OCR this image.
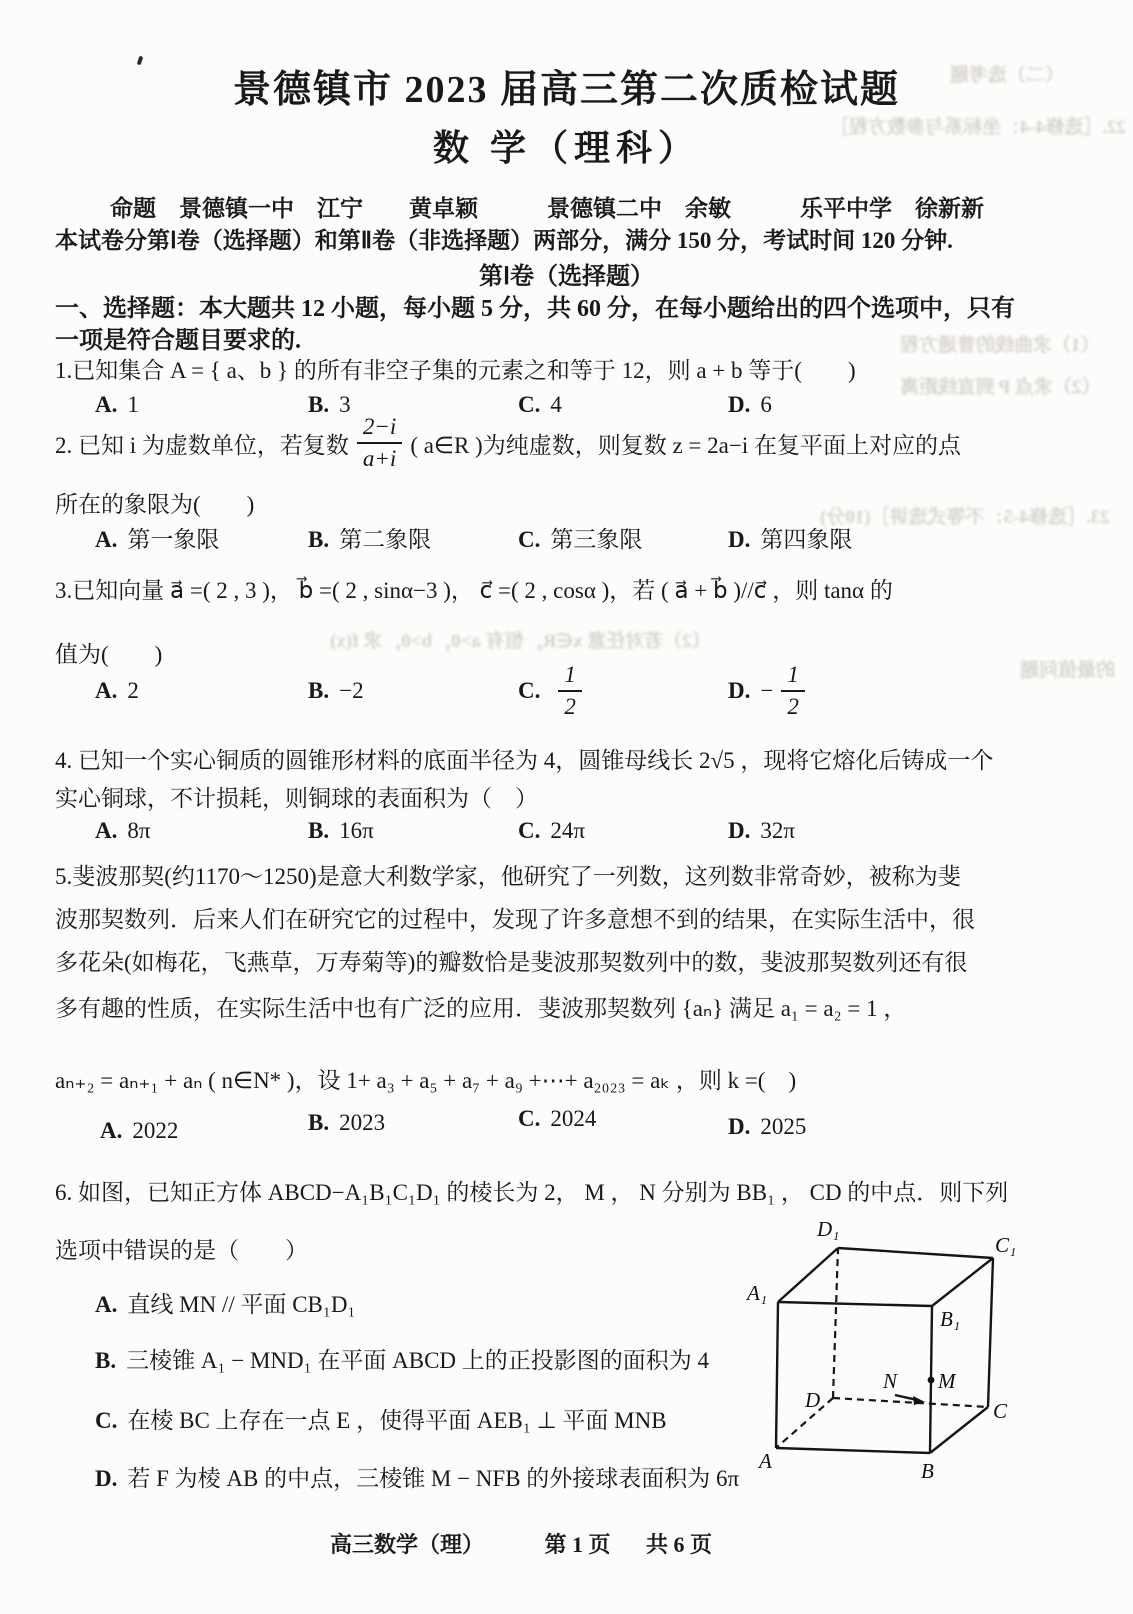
景德镇市 2023 届高三第二次质检试题
数 学（理科）
命题　景德镇一中　江宁　　黄卓颖　　　景德镇二中　余敏　　　乐平中学　徐新新
本试卷分第Ⅰ卷（选择题）和第Ⅱ卷（非选择题）两部分，满分 150 分，考试时间 120 分钟.
第Ⅰ卷（选择题）
一、选择题：本大题共 12 小题，每小题 5 分，共 60 分，在每小题给出的四个选项中，只有
一项是符合题目要求的.
1.已知集合 A = { a、b } 的所有非空子集的元素之和等于 12，则 a + b 等于(　　)
A. 1	B. 3	C. 4	D. 6
2. 已知 i 为虚数单位，若复数 $\frac{2-i}{a+i}$ ( a∈R )为纯虚数，则复数 z = 2a−i 在复平面上对应的点
所在的象限为(　　)
A. 第一象限	B. 第二象限	C. 第三象限	D. 第四象限
3.已知向量 a⃗ =( 2 , 3 )， b⃗ =( 2 , sinα−3 )， c⃗ =( 2 , cosα )，若 ( a⃗ + b⃗ )//c⃗ ，则 tanα 的
值为(　　)
A. 2	B. −2	C. $\frac{1}{2}$	D. − $\frac{1}{2}$
4. 已知一个实心铜质的圆锥形材料的底面半径为 4，圆锥母线长 2√5 ，现将它熔化后铸成一个
实心铜球，不计损耗，则铜球的表面积为（　）
A. 8π	B. 16π	C. 24π	D. 32π
5.斐波那契(约1170～1250)是意大利数学家，他研究了一列数，这列数非常奇妙，被称为斐
波那契数列．后来人们在研究它的过程中，发现了许多意想不到的结果，在实际生活中，很
多花朵(如梅花，飞燕草，万寿菊等)的瓣数恰是斐波那契数列中的数，斐波那契数列还有很
多有趣的性质，在实际生活中也有广泛的应用．斐波那契数列 {aₙ} 满足 a₁ = a₂ = 1 ，
aₙ₊₂ = aₙ₊₁ + aₙ ( n∈N* )，设 1+ a₃ + a₅ + a₇ + a₉ +⋯+ a₂₀₂₃ = aₖ ，则 k =(　)
A. 2022	B. 2023	C. 2024	D. 2025
6. 如图，已知正方体 ABCD−A₁B₁C₁D₁ 的棱长为 2， M ， N 分别为 BB₁ ， CD 的中点．则下列
选项中错误的是（　　）
A. 直线 MN // 平面 CB₁D₁
B. 三棱锥 A₁ − MND₁ 在平面 ABCD 上的正投影图的面积为 4
C. 在棱 BC 上存在一点 E ，使得平面 AEB₁ ⊥ 平面 MNB
D. 若 F 为棱 AB 的中点，三棱锥 M − NFB 的外接球表面积为 6π
D₁
C₁
A₁
B₁
D	C
A	B
M
N
高三数学（理）	第 1 页 共 6 页
（二）选考题
22.［选修4-4：坐标系与参数方程］
（1）求曲线的普通方程
（2）求点 P 到直线距离
23.［选修4-5：不等式选讲］(10分)
（2）若对任意 x∈R，恒有 a>0，b>0，求 f(x)
的最值问题
